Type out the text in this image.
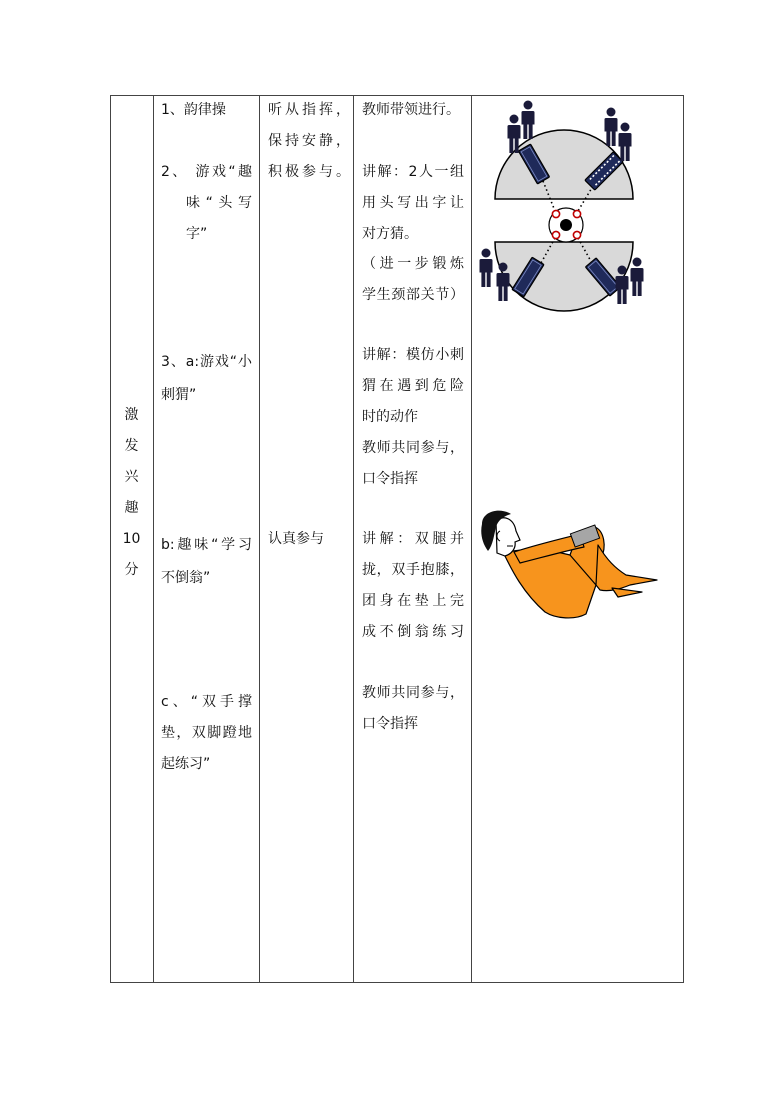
激
发
兴
趣
10
分
1、韵律操
2、 游戏“趣
味“头写
字”
3、a:游戏“小
刺猬”
b:趣味“学习
不倒翁”
c、“双手撑
垫，双脚蹬地
起练习”
听从指挥，
保持安静，
积极参与。
认真参与
教师带领进行。
讲解：2人一组
用头写出字让
对方猜。
（进一步锻炼
学生颈部关节）
讲解：模仿小刺
猬在遇到危险
时的动作
教师共同参与，
口令指挥
讲解：双腿并
拢，双手抱膝，
团身在垫上完
成不倒翁练习
教师共同参与，
口令指挥
